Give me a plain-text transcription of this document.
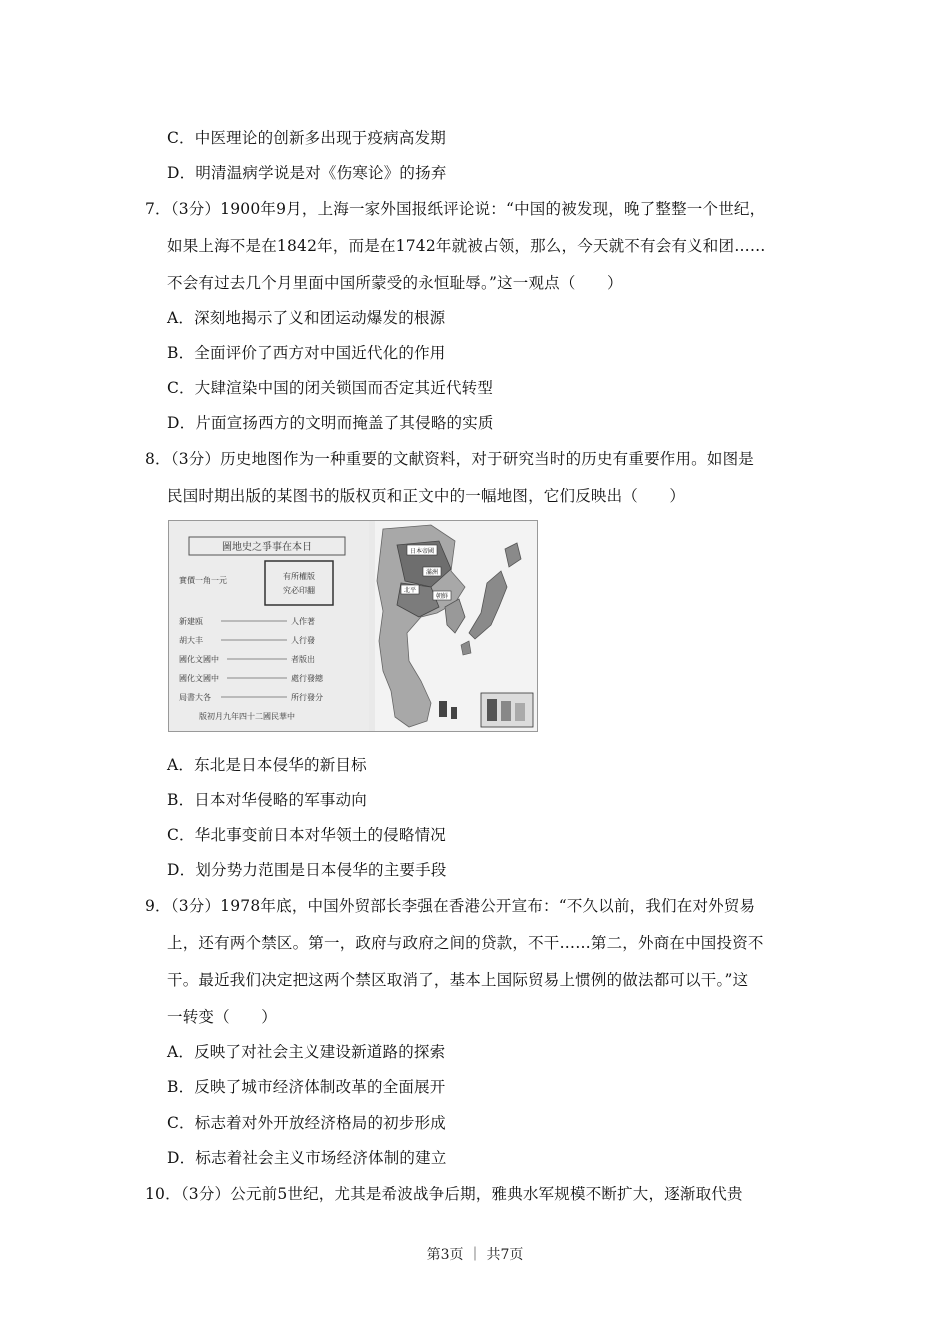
C．中医理论的创新多出现于疫病高发期
D．明清温病学说是对《伤寒论》的扬弃
7．（3分）1900年9月，上海一家外国报纸评论说：“中国的被发现，晚了整整一个世纪，
如果上海不是在1842年，而是在1742年就被占领，那么，今天就不有会有义和团……
不会有过去几个月里面中国所蒙受的永恒耻辱。”这一观点（　　）
A．深刻地揭示了义和团运动爆发的根源
B．全面评价了西方对中国近代化的作用
C．大肆渲染中国的闭关锁国而否定其近代转型
D．片面宣扬西方的文明而掩盖了其侵略的实质
8．（3分）历史地图作为一种重要的文献资料，对于研究当时的历史有重要作用。如图是
民国时期出版的某图书的版权页和正文中的一幅地图，它们反映出（　　）
圖地史之爭事在本日
實價一角一元	有所權版
究必印翻
新建瓯	人作著
胡大丰	人行發
國化文國中	者版出
國化文國中	處行發總
局書大各	所行發分
版初月九年四十二國民華中
日本帝國
滿洲
朝鮮
北平
A．东北是日本侵华的新目标
B．日本对华侵略的军事动向
C．华北事变前日本对华领土的侵略情况
D．划分势力范围是日本侵华的主要手段
9．（3分）1978年底，中国外贸部长李强在香港公开宣布：“不久以前，我们在对外贸易
上，还有两个禁区。第一，政府与政府之间的贷款，不干……第二，外商在中国投资不
干。最近我们决定把这两个禁区取消了，基本上国际贸易上惯例的做法都可以干。”这
一转变（　　）
A．反映了对社会主义建设新道路的探索
B．反映了城市经济体制改革的全面展开
C．标志着对外开放经济格局的初步形成
D．标志着社会主义市场经济体制的建立
10．（3分）公元前5世纪，尤其是希波战争后期，雅典水军规模不断扩大，逐渐取代贵
第3页 ｜ 共7页
